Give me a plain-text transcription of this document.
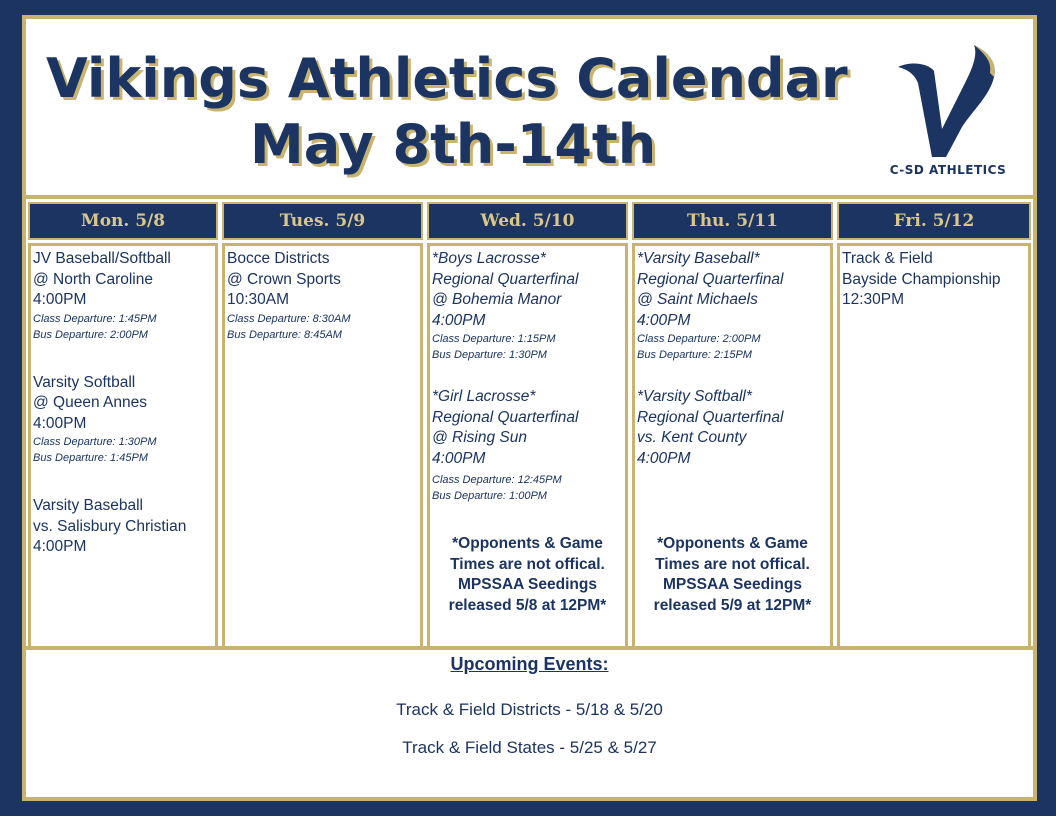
Vikings Athletics Calendar
May 8th-14th	C-SD ATHLETICS
Mon. 5/8
JV Baseball/Softball
@ North Caroline
4:00PM
Class Departure: 1:45PM
Bus Departure: 2:00PM
Varsity Softball
@ Queen Annes
4:00PM
Class Departure: 1:30PM
Bus Departure: 1:45PM
Varsity Baseball
vs. Salisbury Christian
4:00PM
Tues. 5/9
Bocce Districts
@ Crown Sports
10:30AM
Class Departure: 8:30AM
Bus Departure: 8:45AM
Wed. 5/10
*Boys Lacrosse*
Regional Quarterfinal
@ Bohemia Manor
4:00PM
Class Departure: 1:15PM
Bus Departure: 1:30PM
*Girl Lacrosse*
Regional Quarterfinal
@ Rising Sun
4:00PM
Class Departure: 12:45PM
Bus Departure: 1:00PM
*Opponents & Game
Times are not offical.
MPSSAA Seedings
released 5/8 at 12PM*
Thu. 5/11
*Varsity Baseball*
Regional Quarterfinal
@ Saint Michaels
4:00PM
Class Departure: 2:00PM
Bus Departure: 2:15PM
*Varsity Softball*
Regional Quarterfinal
vs. Kent County
4:00PM
*Opponents & Game
Times are not offical.
MPSSAA Seedings
released 5/9 at 12PM*
Fri. 5/12
Track & Field
Bayside Championship
12:30PM
Upcoming Events:
Track & Field Districts - 5/18 & 5/20
Track & Field States - 5/25 & 5/27
